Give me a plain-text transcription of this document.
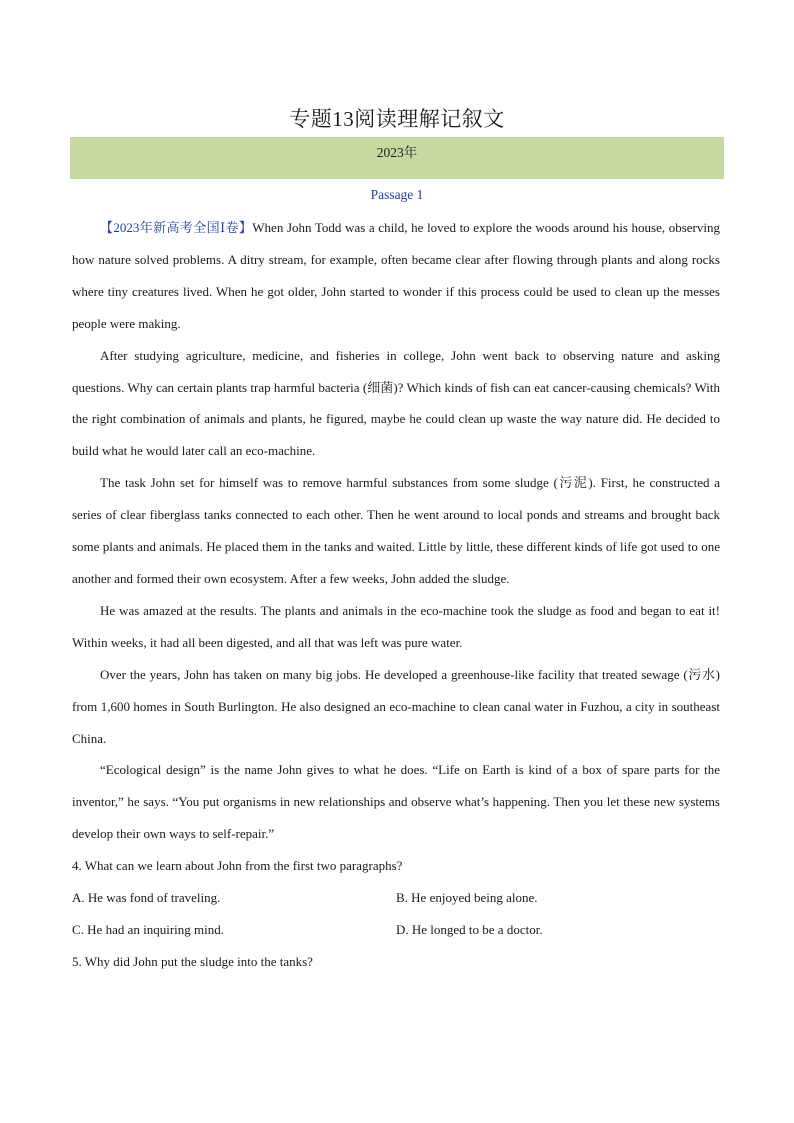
专题13阅读理解记叙文
2023年
Passage 1

【2023年新高考全国Ⅰ卷】When John Todd was a child, he loved to explore the woods around his house, observing how nature solved problems. A ditry stream, for example, often became clear after flowing through plants and along rocks where tiny creatures lived. When he got older, John started to wonder if this process could be used to clean up the messes people were making.

After studying agriculture, medicine, and fisheries in college, John went back to observing nature and asking questions. Why can certain plants trap harmful bacteria (细菌)? Which kinds of fish can eat cancer-causing chemicals? With the right combination of animals and plants, he figured, maybe he could clean up waste the way nature did. He decided to build what he would later call an eco-machine.

The task John set for himself was to remove harmful substances from some sludge (污泥). First, he constructed a series of clear fiberglass tanks connected to each other. Then he went around to local ponds and streams and brought back some plants and animals. He placed them in the tanks and waited. Little by little, these different kinds of life got used to one another and formed their own ecosystem. After a few weeks, John added the sludge.

He was amazed at the results. The plants and animals in the eco-machine took the sludge as food and began to eat it! Within weeks, it had all been digested, and all that was left was pure water.

Over the years, John has taken on many big jobs. He developed a greenhouse-like facility that treated sewage (污水) from 1,600 homes in South Burlington. He also designed an eco-machine to clean canal water in Fuzhou, a city in southeast China.

“Ecological design” is the name John gives to what he does. “Life on Earth is kind of a box of spare parts for the inventor,” he says. “You put organisms in new relationships and observe what’s happening. Then you let these new systems develop their own ways to self-repair.”

4. What can we learn about John from the first two paragraphs?

A. He was fond of traveling.	B. He enjoyed being alone.
C. He had an inquiring mind.	D. He longed to be a doctor.

5. Why did John put the sludge into the tanks?
